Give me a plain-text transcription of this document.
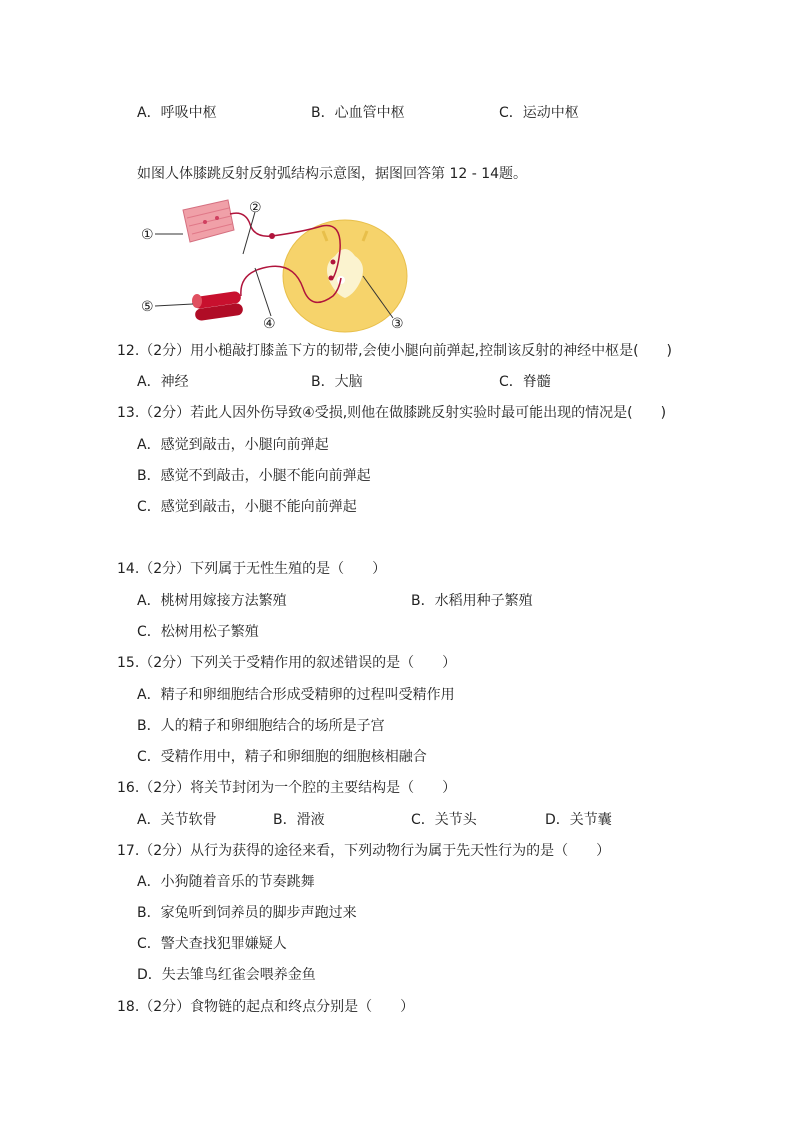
A．呼吸中枢	B．心血管中枢	C．运动中枢
如图人体膝跳反射反射弧结构示意图，据图回答第 12 - 14题。
①
②
③
④
⑤
12.（2分）用小槌敲打膝盖下方的韧带,会使小腿向前弹起,控制该反射的神经中枢是(　　)
A．神经	B．大脑	C．脊髓
13.（2分）若此人因外伤导致④受损,则他在做膝跳反射实验时最可能出现的情况是(　　)
A．感觉到敲击，小腿向前弹起
B．感觉不到敲击，小腿不能向前弹起
C．感觉到敲击，小腿不能向前弹起
14.（2分）下列属于无性生殖的是（　　）
A．桃树用嫁接方法繁殖	B．水稻用种子繁殖
C．松树用松子繁殖
15.（2分）下列关于受精作用的叙述错误的是（　　）
A．精子和卵细胞结合形成受精卵的过程叫受精作用
B．人的精子和卵细胞结合的场所是子宫
C．受精作用中，精子和卵细胞的细胞核相融合
16.（2分）将关节封闭为一个腔的主要结构是（　　）
A．关节软骨	B．滑液	C．关节头	D．关节囊
17.（2分）从行为获得的途径来看，下列动物行为属于先天性行为的是（　　）
A．小狗随着音乐的节奏跳舞
B．家兔听到饲养员的脚步声跑过来
C．警犬查找犯罪嫌疑人
D．失去雏鸟红雀会喂养金鱼
18.（2分）食物链的起点和终点分别是（　　）
